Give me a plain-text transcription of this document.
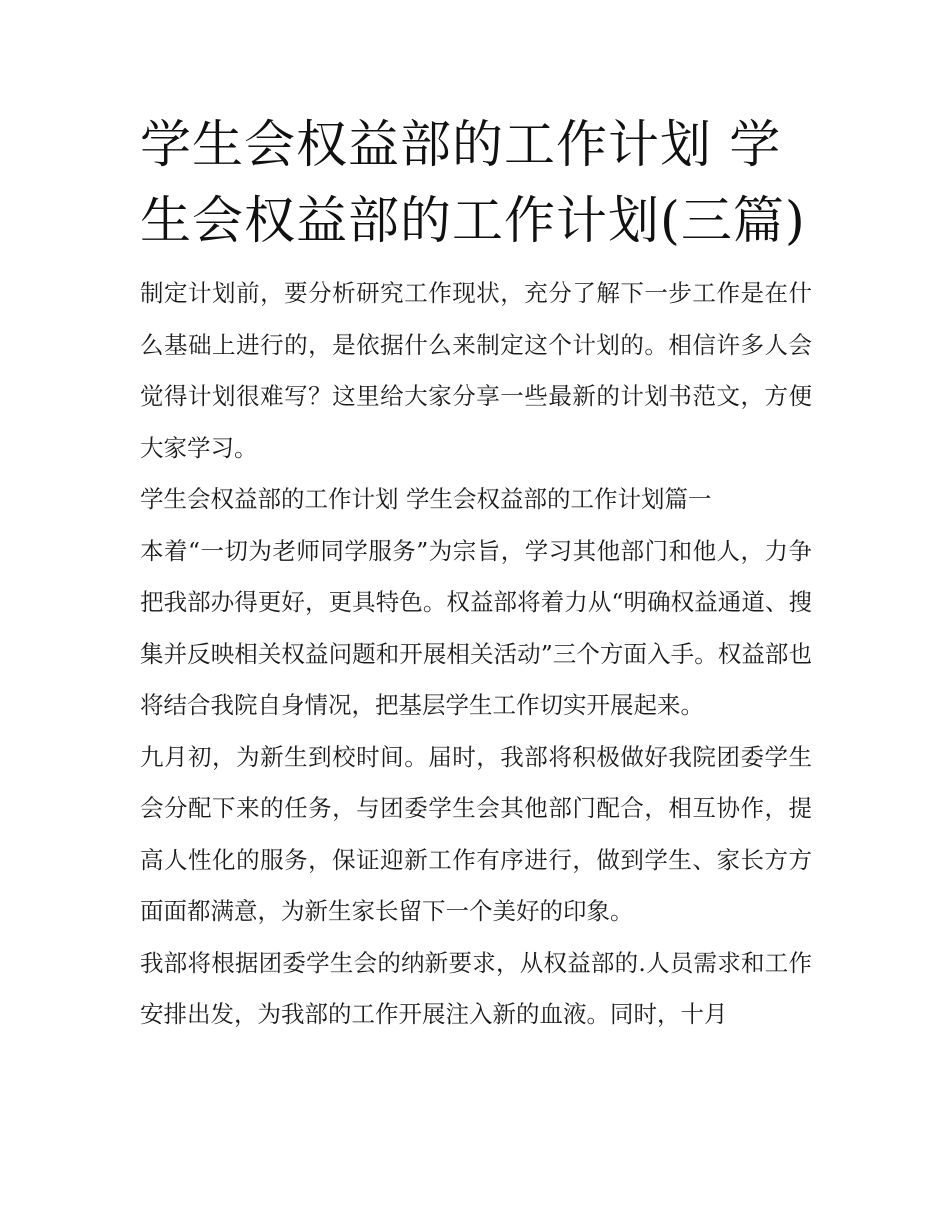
学生会权益部的工作计划 学生会权益部的工作计划(三篇)

制定计划前，要分析研究工作现状，充分了解下一步工作是在什么基础上进行的，是依据什么来制定这个计划的。相信许多人会觉得计划很难写？这里给大家分享一些最新的计划书范文，方便大家学习。

学生会权益部的工作计划 学生会权益部的工作计划篇一

本着“一切为老师同学服务”为宗旨，学习其他部门和他人，力争把我部办得更好，更具特色。权益部将着力从“明确权益通道、搜集并反映相关权益问题和开展相关活动”三个方面入手。权益部也将结合我院自身情况，把基层学生工作切实开展起来。

九月初，为新生到校时间。届时，我部将积极做好我院团委学生会分配下来的任务，与团委学生会其他部门配合，相互协作，提高人性化的服务，保证迎新工作有序进行，做到学生、家长方方面面都满意，为新生家长留下一个美好的印象。

我部将根据团委学生会的纳新要求，从权益部的.人员需求和工作安排出发，为我部的工作开展注入新的血液。同时，十月
